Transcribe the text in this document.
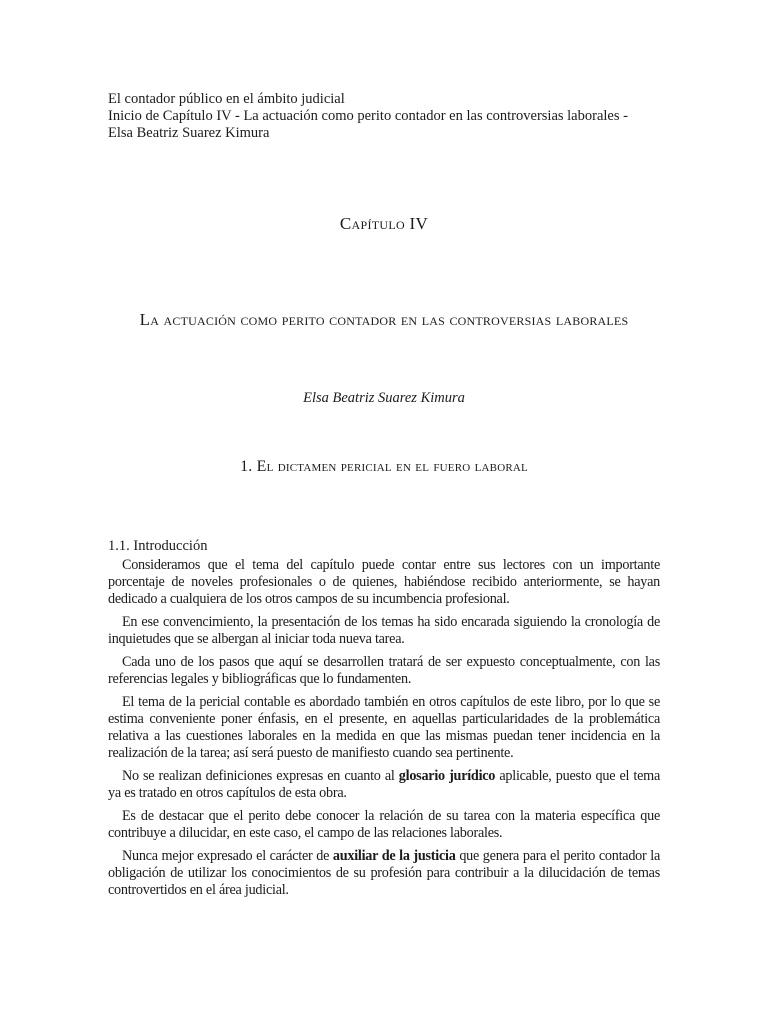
El contador público en el ámbito judicial
Inicio de Capítulo IV - La actuación como perito contador en las controversias laborales -
Elsa Beatriz Suarez Kimura
Capítulo IV
La actuación como perito contador en las controversias laborales
Elsa Beatriz Suarez Kimura
1. El dictamen pericial en el fuero laboral
1.1. Introducción

Consideramos que el tema del capítulo puede contar entre sus lectores con un importante porcentaje de noveles profesionales o de quienes, habiéndose recibido anteriormente, se hayan dedicado a cualquiera de los otros campos de su incumbencia profesional.

En ese convencimiento, la presentación de los temas ha sido encarada siguiendo la cronología de inquietudes que se albergan al iniciar toda nueva tarea.

Cada uno de los pasos que aquí se desarrollen tratará de ser expuesto conceptualmente, con las referencias legales y bibliográficas que lo fundamenten.

El tema de la pericial contable es abordado también en otros capítulos de este libro, por lo que se estima conveniente poner énfasis, en el presente, en aquellas particularidades de la problemática relativa a las cuestiones laborales en la medida en que las mismas puedan tener incidencia en la realización de la tarea; así será puesto de manifiesto cuando sea pertinente.

No se realizan definiciones expresas en cuanto al glosario jurídico aplicable, puesto que el tema ya es tratado en otros capítulos de esta obra.

Es de destacar que el perito debe conocer la relación de su tarea con la materia específica que contribuye a dilucidar, en este caso, el campo de las relaciones laborales.

Nunca mejor expresado el carácter de auxiliar de la justicia que genera para el perito contador la obligación de utilizar los conocimientos de su profesión para contribuir a la dilucidación de temas controvertidos en el área judicial.
